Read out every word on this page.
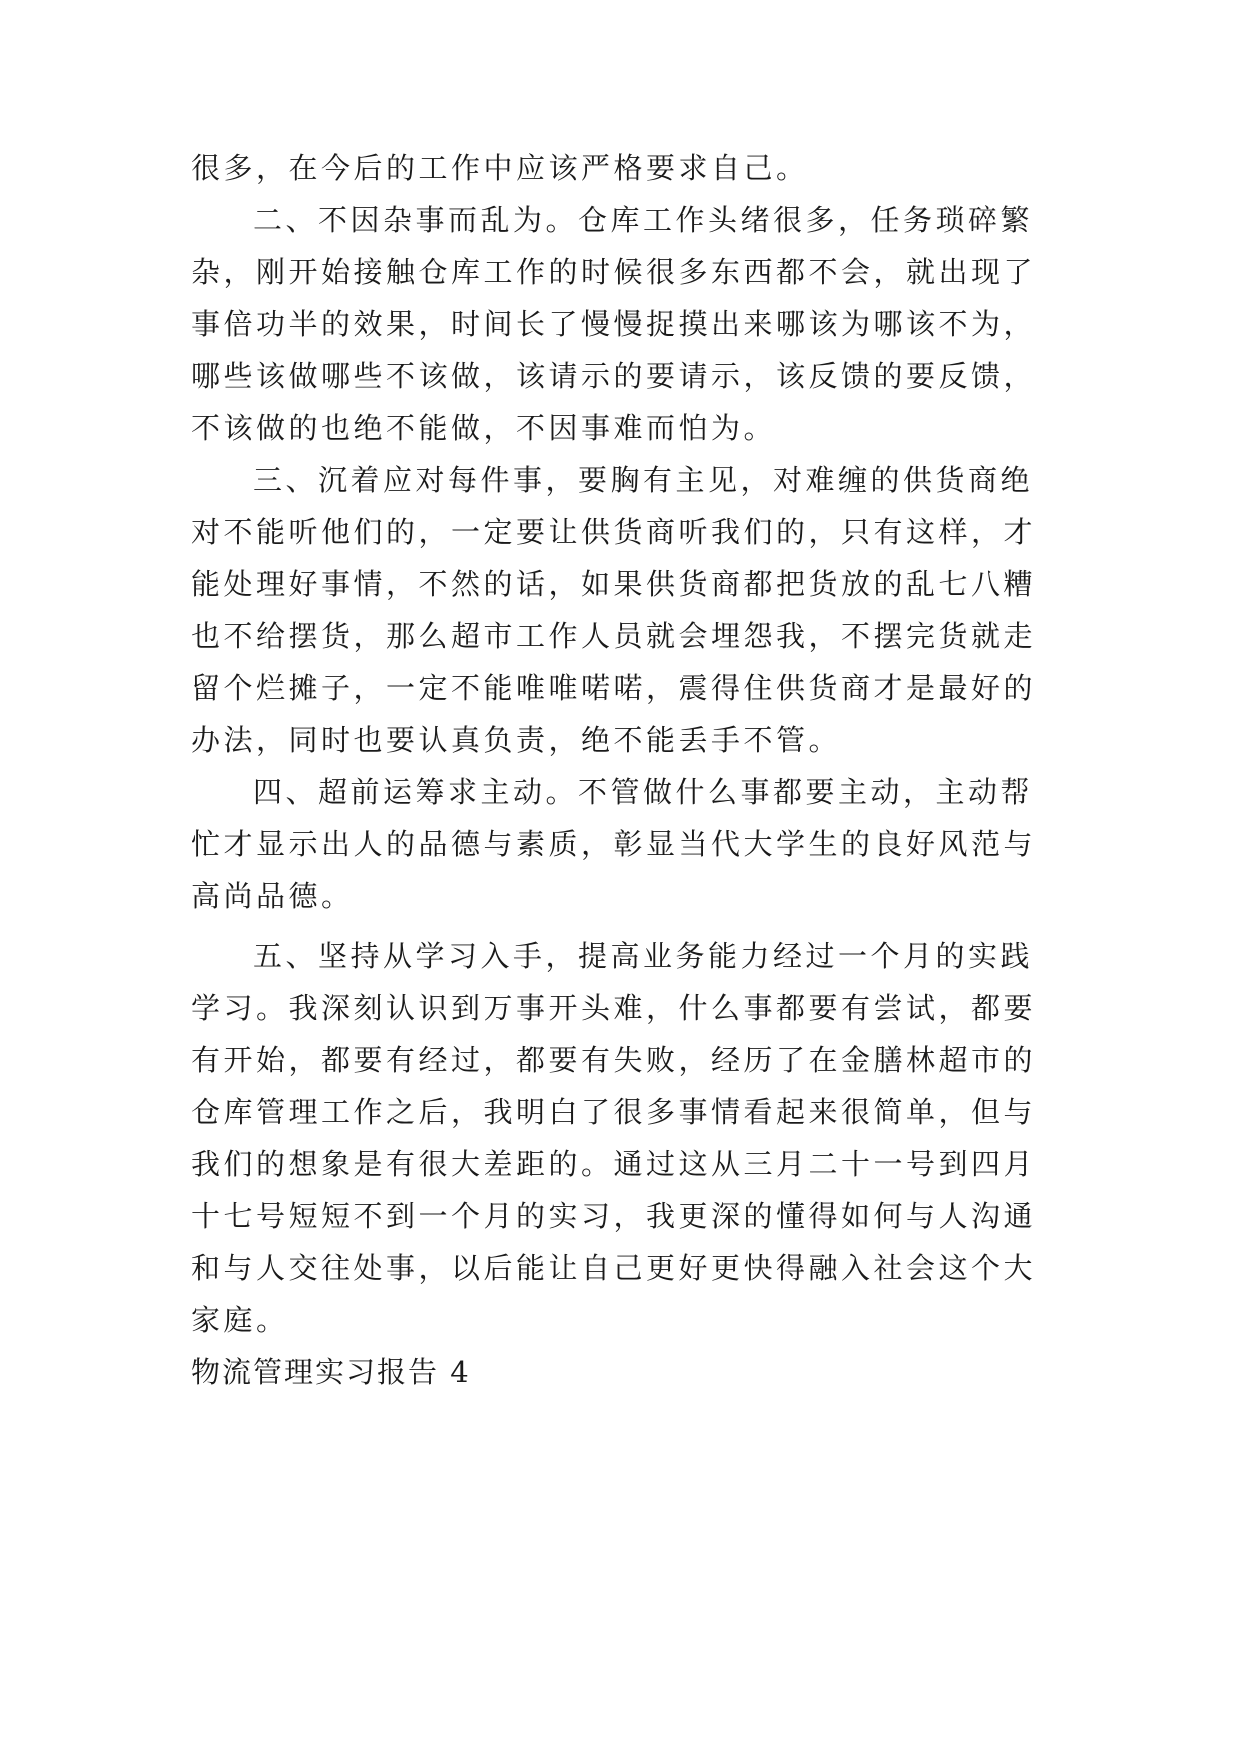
很多，在今后的工作中应该严格要求自己。
二、不因杂事而乱为。仓库工作头绪很多，任务琐碎繁
杂，刚开始接触仓库工作的时候很多东西都不会，就出现了
事倍功半的效果，时间长了慢慢捉摸出来哪该为哪该不为，
哪些该做哪些不该做，该请示的要请示，该反馈的要反馈，
不该做的也绝不能做，不因事难而怕为。
三、沉着应对每件事，要胸有主见，对难缠的供货商绝
对不能听他们的，一定要让供货商听我们的，只有这样，才
能处理好事情，不然的话，如果供货商都把货放的乱七八糟
也不给摆货，那么超市工作人员就会埋怨我，不摆完货就走
留个烂摊子，一定不能唯唯喏喏，震得住供货商才是最好的
办法，同时也要认真负责，绝不能丢手不管。
四、超前运筹求主动。不管做什么事都要主动，主动帮
忙才显示出人的品德与素质，彰显当代大学生的良好风范与
高尚品德。
五、坚持从学习入手，提高业务能力经过一个月的实践
学习。我深刻认识到万事开头难，什么事都要有尝试，都要
有开始，都要有经过，都要有失败，经历了在金膳林超市的
仓库管理工作之后，我明白了很多事情看起来很简单，但与
我们的想象是有很大差距的。通过这从三月二十一号到四月
十七号短短不到一个月的实习，我更深的懂得如何与人沟通
和与人交往处事，以后能让自己更好更快得融入社会这个大
家庭。
物流管理实习报告 4
